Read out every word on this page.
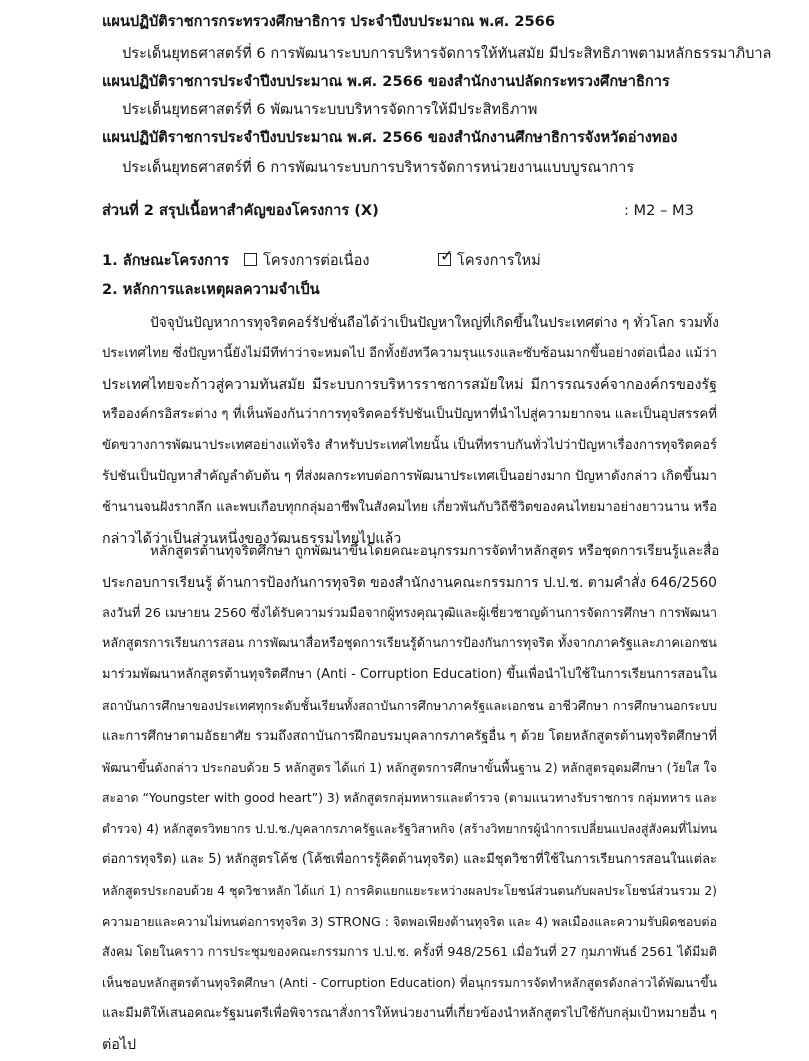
แผนปฏิบัติราชการกระทรวงศึกษาธิการ ประจำปีงบประมาณ พ.ศ. 2566
ประเด็นยุทธศาสตร์ที่ 6 การพัฒนาระบบการบริหารจัดการให้ทันสมัย มีประสิทธิภาพตามหลักธรรมาภิบาล
แผนปฏิบัติราชการประจำปีงบประมาณ พ.ศ. 2566 ของสำนักงานปลัดกระทรวงศึกษาธิการ
ประเด็นยุทธศาสตร์ที่ 6 พัฒนาระบบบริหารจัดการให้มีประสิทธิภาพ
แผนปฏิบัติราชการประจำปีงบประมาณ พ.ศ. 2566 ของสำนักงานศึกษาธิการจังหวัดอ่างทอง
ประเด็นยุทธศาสตร์ที่ 6 การพัฒนาระบบการบริหารจัดการหน่วยงานแบบบูรณาการ
ส่วนที่ 2 สรุปเนื้อหาสำคัญของโครงการ (X)	: M2 – M3
1. ลักษณะโครงการ	โครงการต่อเนื่อง	✓ โครงการใหม่
2. หลักการและเหตุผลความจำเป็น
ปัจจุบันปัญหาการทุจริตคอร์รัปชั่นถือได้ว่าเป็นปัญหาใหญ่ที่เกิดขึ้นในประเทศต่าง ๆ ทั่วโลก รวมทั้ง
ประเทศไทย ซึ่งปัญหานี้ยังไม่มีทีท่าว่าจะหมดไป อีกทั้งยังทวีความรุนแรงและซับซ้อนมากขึ้นอย่างต่อเนื่อง แม้ว่า
ประเทศไทยจะก้าวสู่ความทันสมัย มีระบบการบริหารราชการสมัยใหม่ มีการรณรงค์จากองค์กรของรัฐ
หรือองค์กรอิสระต่าง ๆ ที่เห็นพ้องกันว่าการทุจริตคอร์รัปชันเป็นปัญหาที่นำไปสู่ความยากจน และเป็นอุปสรรคที่
ขัดขวางการพัฒนาประเทศอย่างแท้จริง สำหรับประเทศไทยนั้น เป็นที่ทราบกันทั่วไปว่าปัญหาเรื่องการทุจริตคอร์
รัปชันเป็นปัญหาสำคัญลำดับต้น ๆ ที่ส่งผลกระทบต่อการพัฒนาประเทศเป็นอย่างมาก ปัญหาดังกล่าว เกิดขึ้นมา
ช้านานจนฝังรากลึก และพบเกือบทุกกลุ่มอาชีพในสังคมไทย เกี่ยวพันกับวิถีชีวิตของคนไทยมาอย่างยาวนาน หรือ
กล่าวได้ว่าเป็นส่วนหนึ่งของวัฒนธรรมไทยไปแล้ว
หลักสูตรต้านทุจริตศึกษา ถูกพัฒนาขึ้นโดยคณะอนุกรรมการจัดทำหลักสูตร หรือชุดการเรียนรู้และสื่อ
ประกอบการเรียนรู้ ด้านการป้องกันการทุจริต ของสำนักงานคณะกรรมการ ป.ป.ช. ตามคำสั่ง 646/2560
ลงวันที่ 26 เมษายน 2560 ซึ่งได้รับความร่วมมือจากผู้ทรงคุณวุฒิและผู้เชี่ยวชาญด้านการจัดการศึกษา การพัฒนา
หลักสูตรการเรียนการสอน การพัฒนาสื่อหรือชุดการเรียนรู้ด้านการป้องกันการทุจริต ทั้งจากภาครัฐและภาคเอกชน
มาร่วมพัฒนาหลักสูตรต้านทุจริตศึกษา (Anti - Corruption Education) ขึ้นเพื่อนำไปใช้ในการเรียนการสอนใน
สถาบันการศึกษาของประเทศทุกระดับชั้นเรียนทั้งสถาบันการศึกษาภาครัฐและเอกชน อาชีวศึกษา การศึกษานอกระบบ
และการศึกษาตามอัธยาศัย รวมถึงสถาบันการฝึกอบรมบุคลากรภาครัฐอื่น ๆ ด้วย โดยหลักสูตรต้านทุจริตศึกษาที่
พัฒนาขึ้นดังกล่าว ประกอบด้วย 5 หลักสูตร ได้แก่ 1) หลักสูตรการศึกษาขั้นพื้นฐาน 2) หลักสูตรอุดมศึกษา (วัยใส ใจ
สะอาด “Youngster with good heart”) 3) หลักสูตรกลุ่มทหารและตำรวจ (ตามแนวทางรับราชการ กลุ่มทหาร และ
ตำรวจ) 4) หลักสูตรวิทยากร ป.ป.ช./บุคลากรภาครัฐและรัฐวิสาหกิจ (สร้างวิทยากรผู้นำการเปลี่ยนแปลงสู่สังคมที่ไม่ทน
ต่อการทุจริต) และ 5) หลักสูตรโค้ช (โค้ชเพื่อการรู้คิดต้านทุจริต) และมีชุดวิชาที่ใช้ในการเรียนการสอนในแต่ละ
หลักสูตรประกอบด้วย 4 ชุดวิชาหลัก ได้แก่ 1) การคิดแยกแยะระหว่างผลประโยชน์ส่วนตนกับผลประโยชน์ส่วนรวม 2)
ความอายและความไม่ทนต่อการทุจริต 3) STRONG : จิตพอเพียงต้านทุจริต และ 4) พลเมืองและความรับผิดชอบต่อ
สังคม โดยในคราว การประชุมของคณะกรรมการ ป.ป.ช. ครั้งที่ 948/2561 เมื่อวันที่ 27 กุมภาพันธ์ 2561 ได้มีมติ
เห็นชอบหลักสูตรต้านทุจริตศึกษา (Anti - Corruption Education) ที่อนุกรรมการจัดทำหลักสูตรดังกล่าวได้พัฒนาขึ้น
และมีมติให้เสนอคณะรัฐมนตรีเพื่อพิจารณาสั่งการให้หน่วยงานที่เกี่ยวข้องนำหลักสูตรไปใช้กับกลุ่มเป้าหมายอื่น ๆ
ต่อไป
